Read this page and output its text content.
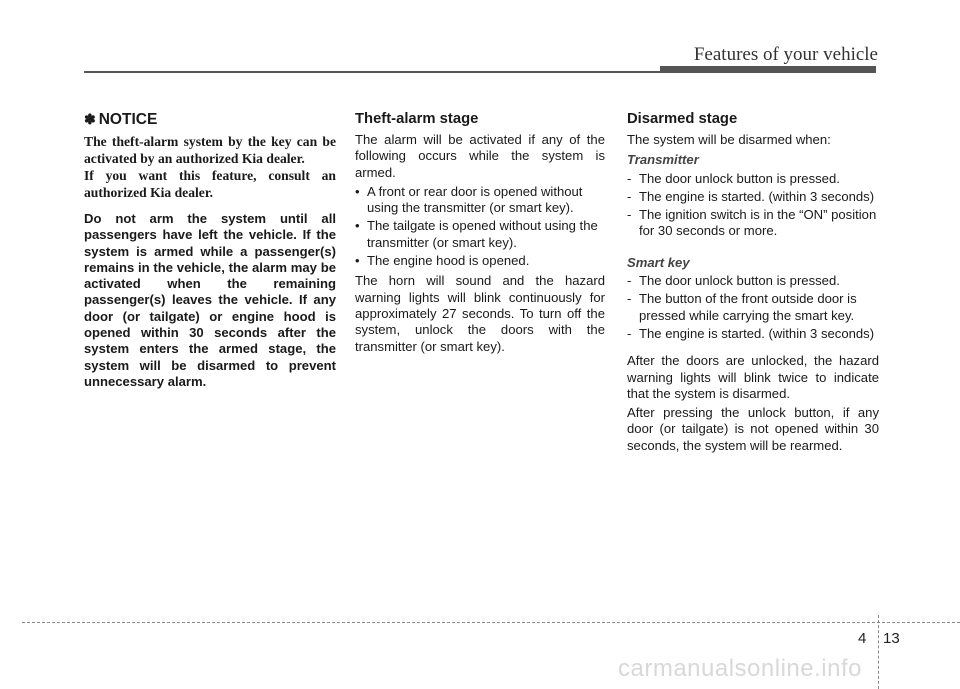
Features of your vehicle
✽ NOTICE
The theft-alarm system by the key can be activated by an authorized Kia dealer.
If you want this feature, consult an authorized Kia dealer.

Do not arm the system until all passengers have left the vehicle. If the system is armed while a passenger(s) remains in the vehicle, the alarm may be activated when the remaining passenger(s) leaves the vehicle. If any door (or tailgate) or engine hood is opened within 30 seconds after the system enters the armed stage, the system will be disarmed to prevent unnecessary alarm.

Theft-alarm stage

The alarm will be activated if any of the following occurs while the system is armed.

• A front or rear door is opened without using the transmitter (or smart key).
• The tailgate is opened without using the transmitter (or smart key).
• The engine hood is opened.

The horn will sound and the hazard warning lights will blink continuously for approximately 27 seconds. To turn off the system, unlock the doors with the transmitter (or smart key).

Disarmed stage

The system will be disarmed when:

Transmitter
- The door unlock button is pressed.
- The engine is started. (within 3 seconds)
- The ignition switch is in the “ON” position for 30 seconds or more.
Smart key
- The door unlock button is pressed.
- The button of the front outside door is pressed while carrying the smart key.
- The engine is started. (within 3 seconds)

After the doors are unlocked, the hazard warning lights will blink twice to indicate that the system is disarmed.

After pressing the unlock button, if any door (or tailgate) is not opened within 30 seconds, the system will be rearmed.

4 13
carmanualsonline.info
